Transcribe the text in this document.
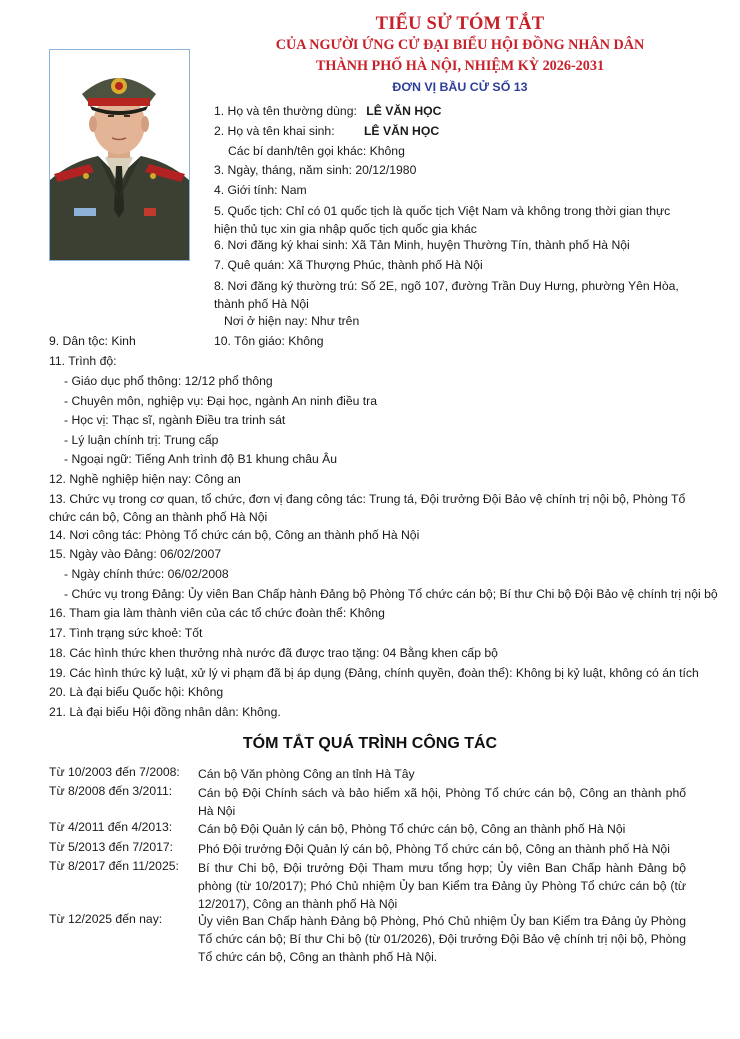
TIỂU SỬ TÓM TẮT
CỦA NGƯỜI ỨNG CỬ ĐẠI BIỂU HỘI ĐỒNG NHÂN DÂN
THÀNH PHỐ HÀ NỘI, NHIỆM KỲ 2026-2031
ĐƠN VỊ BẦU CỬ SỐ 13
1. Họ và tên thường dùng: LÊ VĂN HỌC
2. Họ và tên khai sinh: LÊ VĂN HỌC
Các bí danh/tên gọi khác: Không
3. Ngày, tháng, năm sinh: 20/12/1980
4. Giới tính: Nam
5. Quốc tịch: Chỉ có 01 quốc tịch là quốc tịch Việt Nam và không trong thời gian thực hiện thủ tục xin gia nhập quốc tịch quốc gia khác
6. Nơi đăng ký khai sinh: Xã Tản Minh, huyện Thường Tín, thành phố Hà Nội
7. Quê quán: Xã Thượng Phúc, thành phố Hà Nội
8. Nơi đăng ký thường trú: Số 2E, ngõ 107, đường Trần Duy Hưng, phường Yên Hòa, thành phố Hà Nội
Nơi ở hiện nay: Như trên
9. Dân tộc: Kinh	10. Tôn giáo: Không
11. Trình độ:
- Giáo dục phổ thông: 12/12 phổ thông
- Chuyên môn, nghiệp vụ: Đại học, ngành An ninh điều tra
- Học vị: Thạc sĩ, ngành Điều tra trinh sát
- Lý luận chính trị: Trung cấp
- Ngoại ngữ: Tiếng Anh trình độ B1 khung châu Âu
12. Nghề nghiệp hiện nay: Công an
13. Chức vụ trong cơ quan, tổ chức, đơn vị đang công tác: Trung tá, Đội trưởng Đội Bảo vệ chính trị nội bộ, Phòng Tổ chức cán bộ, Công an thành phố Hà Nội
14. Nơi công tác: Phòng Tổ chức cán bộ, Công an thành phố Hà Nội
15. Ngày vào Đảng: 06/02/2007
- Ngày chính thức: 06/02/2008
- Chức vụ trong Đảng: Ủy viên Ban Chấp hành Đảng bộ Phòng Tổ chức cán bộ; Bí thư Chi bộ Đội Bảo vệ chính trị nội bộ
16. Tham gia làm thành viên của các tổ chức đoàn thể: Không
17. Tình trạng sức khoẻ: Tốt
18. Các hình thức khen thưởng nhà nước đã được trao tặng: 04 Bằng khen cấp bộ
19. Các hình thức kỷ luật, xử lý vi phạm đã bị áp dụng (Đảng, chính quyền, đoàn thể): Không bị kỷ luật, không có án tích
20. Là đại biểu Quốc hội: Không
21. Là đại biểu Hội đồng nhân dân: Không.
TÓM TẮT QUÁ TRÌNH CÔNG TÁC
Từ 10/2003 đến 7/2008: Cán bộ Văn phòng Công an tỉnh Hà Tây
Từ 8/2008 đến 3/2011: Cán bộ Đội Chính sách và bảo hiểm xã hội, Phòng Tổ chức cán bộ, Công an thành phố Hà Nội
Từ 4/2011 đến 4/2013: Cán bộ Đội Quản lý cán bộ, Phòng Tổ chức cán bộ, Công an thành phố Hà Nội
Từ 5/2013 đến 7/2017: Phó Đội trưởng Đội Quản lý cán bộ, Phòng Tổ chức cán bộ, Công an thành phố Hà Nội
Từ 8/2017 đến 11/2025: Bí thư Chi bộ, Đội trưởng Đội Tham mưu tổng hợp; Ủy viên Ban Chấp hành Đảng bộ phòng (từ 10/2017); Phó Chủ nhiệm Ủy ban Kiểm tra Đảng ủy Phòng Tổ chức cán bộ (từ 12/2017), Công an thành phố Hà Nội
Từ 12/2025 đến nay:	Ủy viên Ban Chấp hành Đảng bộ Phòng, Phó Chủ nhiệm Ủy ban Kiểm tra Đảng ủy Phòng Tổ chức cán bộ; Bí thư Chi bộ (từ 01/2026), Đội trưởng Đội Bảo vệ chính trị nội bộ, Phòng Tổ chức cán bộ, Công an thành phố Hà Nội.
